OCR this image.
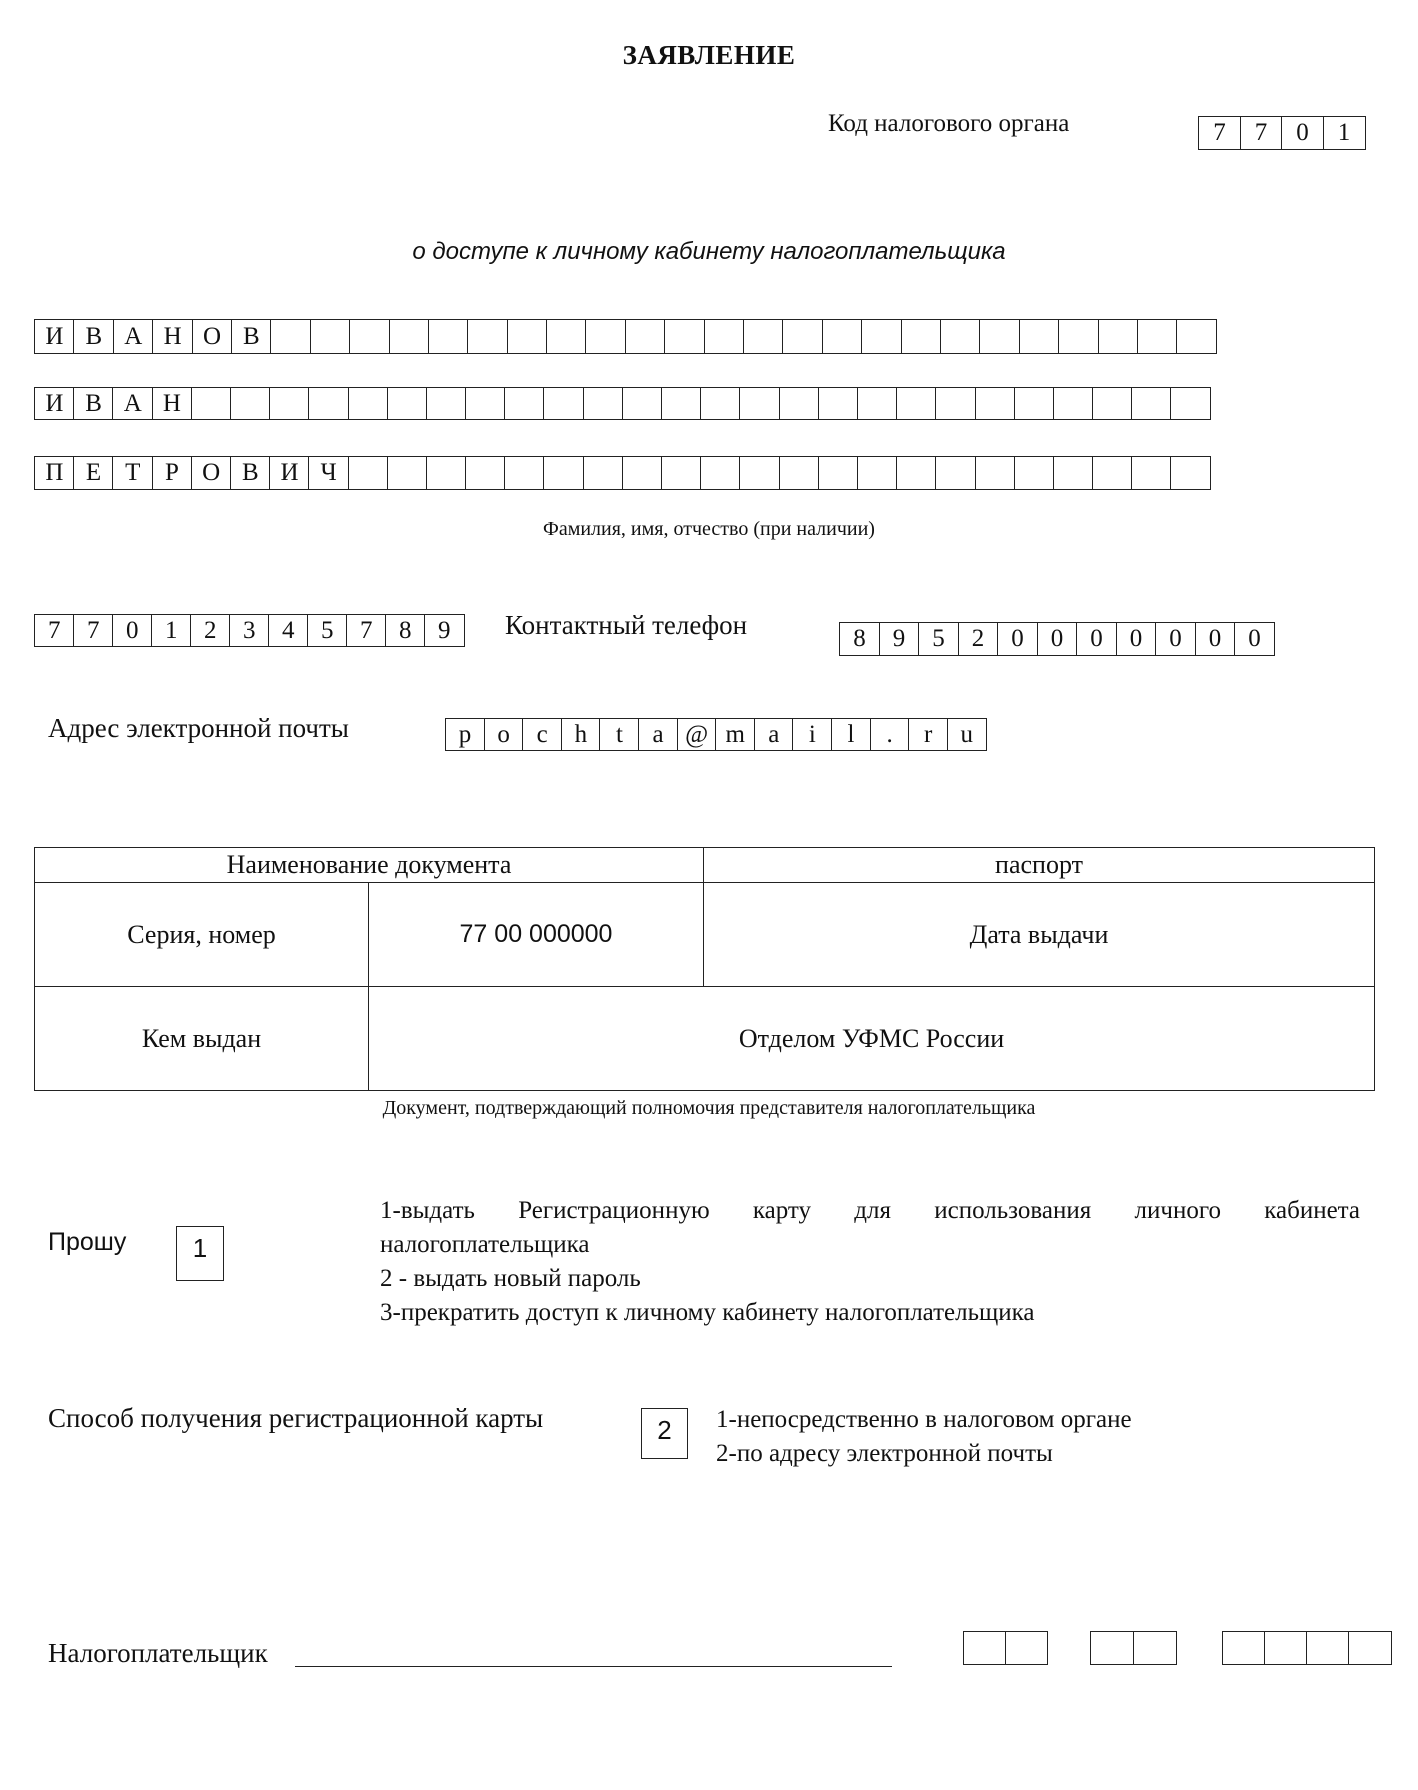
ЗАЯВЛЕНИЕ
Код налогового органа	7	7	0	1
о доступе к личному кабинету налогоплательщика
И В А Н О В
И В А Н
П Е Т Р О В И Ч
Фамилия, имя, отчество (при наличии)
7	7	0	1	2	3	4	5	7	8	9	Контактный телефон	8	9	5	2	0	0	0	0	0	0	0
Адрес электронной почты	p	o	c	h	t	a @ m a	i	l	.	r	u
Наименование документа		паспорт
Серия, номер	77 00 000000	Дата выдачи
Кем выдан	Отделом УФМС России	
Документ, подтверждающий полномочия представителя налогоплательщика
Прошу	1
1-выдать Регистрационную карту для использования личного кабинета
налогоплательщика
2 - выдать новый пароль
3-прекратить доступ к личному кабинету налогоплательщика
Способ получения регистрационной карты	2	1-непосредственно в налоговом органе
2-по адресу электронной почты
Налогоплательщик
